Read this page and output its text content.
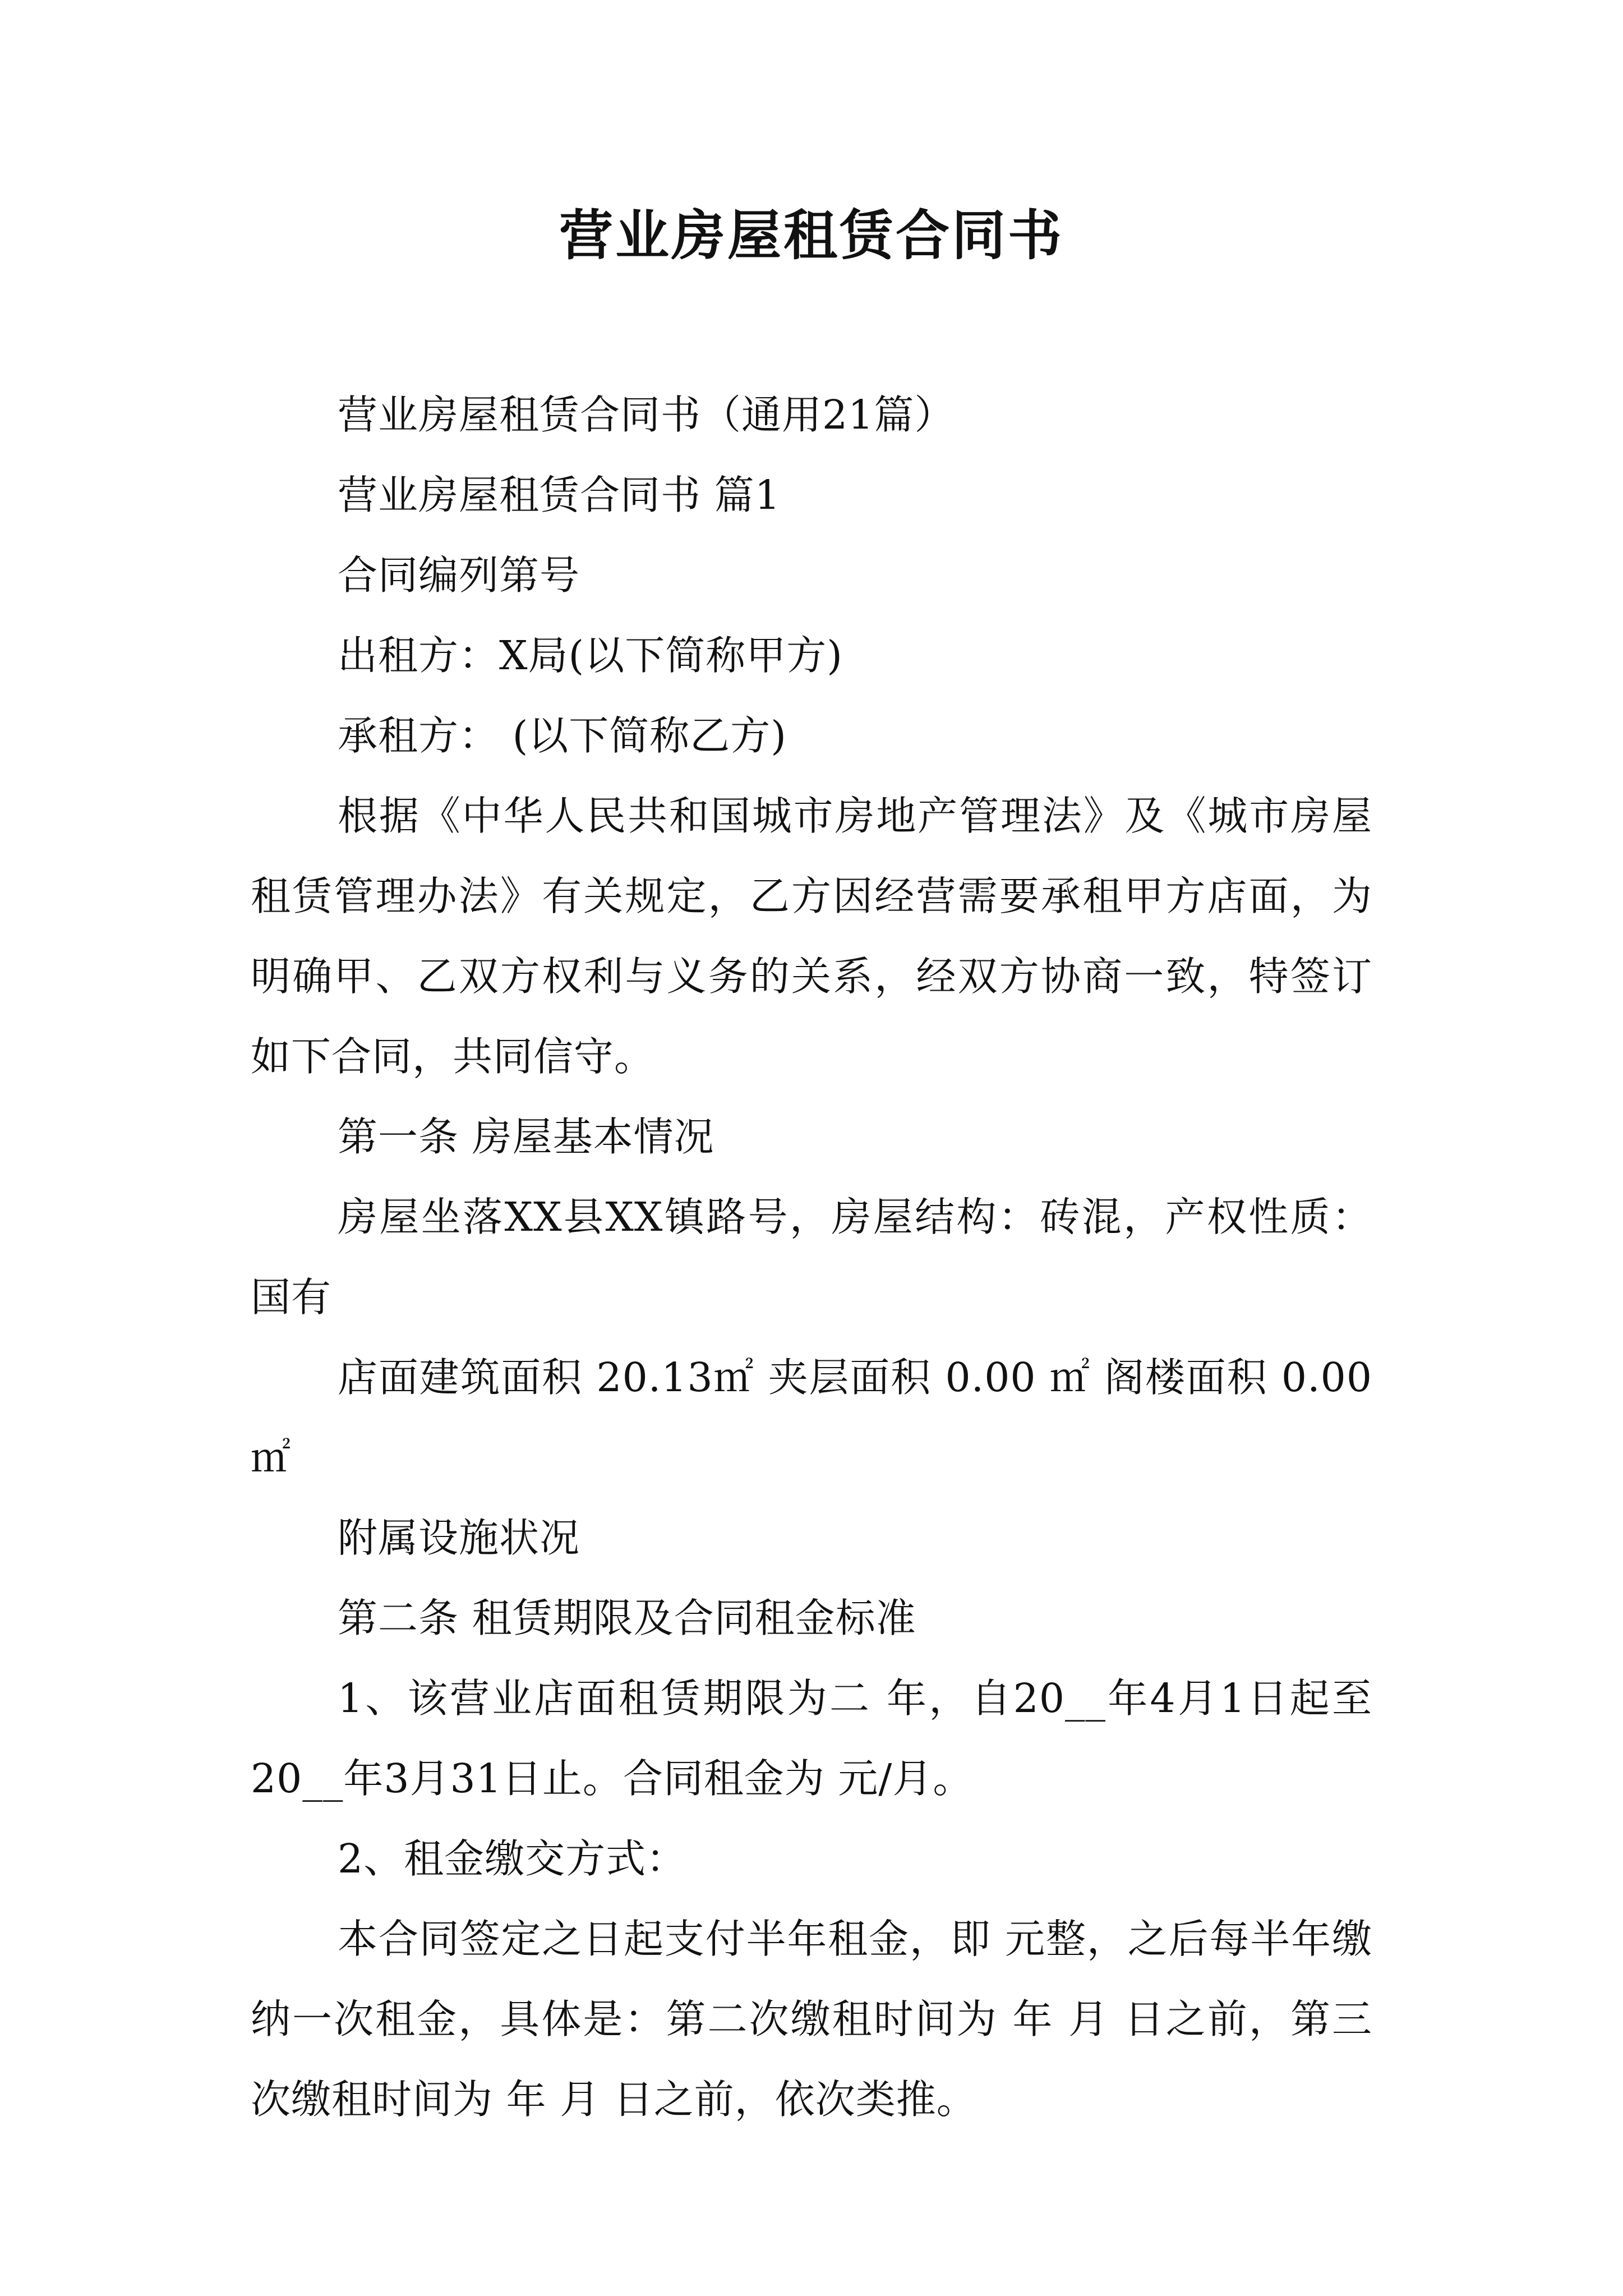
营业房屋租赁合同书

营业房屋租赁合同书（通用21篇）

营业房屋租赁合同书 篇1

合同编列第号

出租方：X局(以下简称甲方)

承租方： (以下简称乙方)

根据《中华人民共和国城市房地产管理法》及《城市房屋租赁管理办法》有关规定，乙方因经营需要承租甲方店面，为明确甲、乙双方权利与义务的关系，经双方协商一致，特签订如下合同，共同信守。

第一条 房屋基本情况

房屋坐落XX县XX镇路号，房屋结构：砖混，产权性质：国有

店面建筑面积 20.13㎡ 夹层面积 0.00 ㎡ 阁楼面积 0.00㎡

附属设施状况

第二条 租赁期限及合同租金标准

1、该营业店面租赁期限为二 年，自20__年4月1日起至20__年3月31日止。合同租金为 元/月。

2、租金缴交方式：

本合同签定之日起支付半年租金，即 元整，之后每半年缴纳一次租金，具体是：第二次缴租时间为 年 月 日之前，第三次缴租时间为 年 月 日之前，依次类推。
